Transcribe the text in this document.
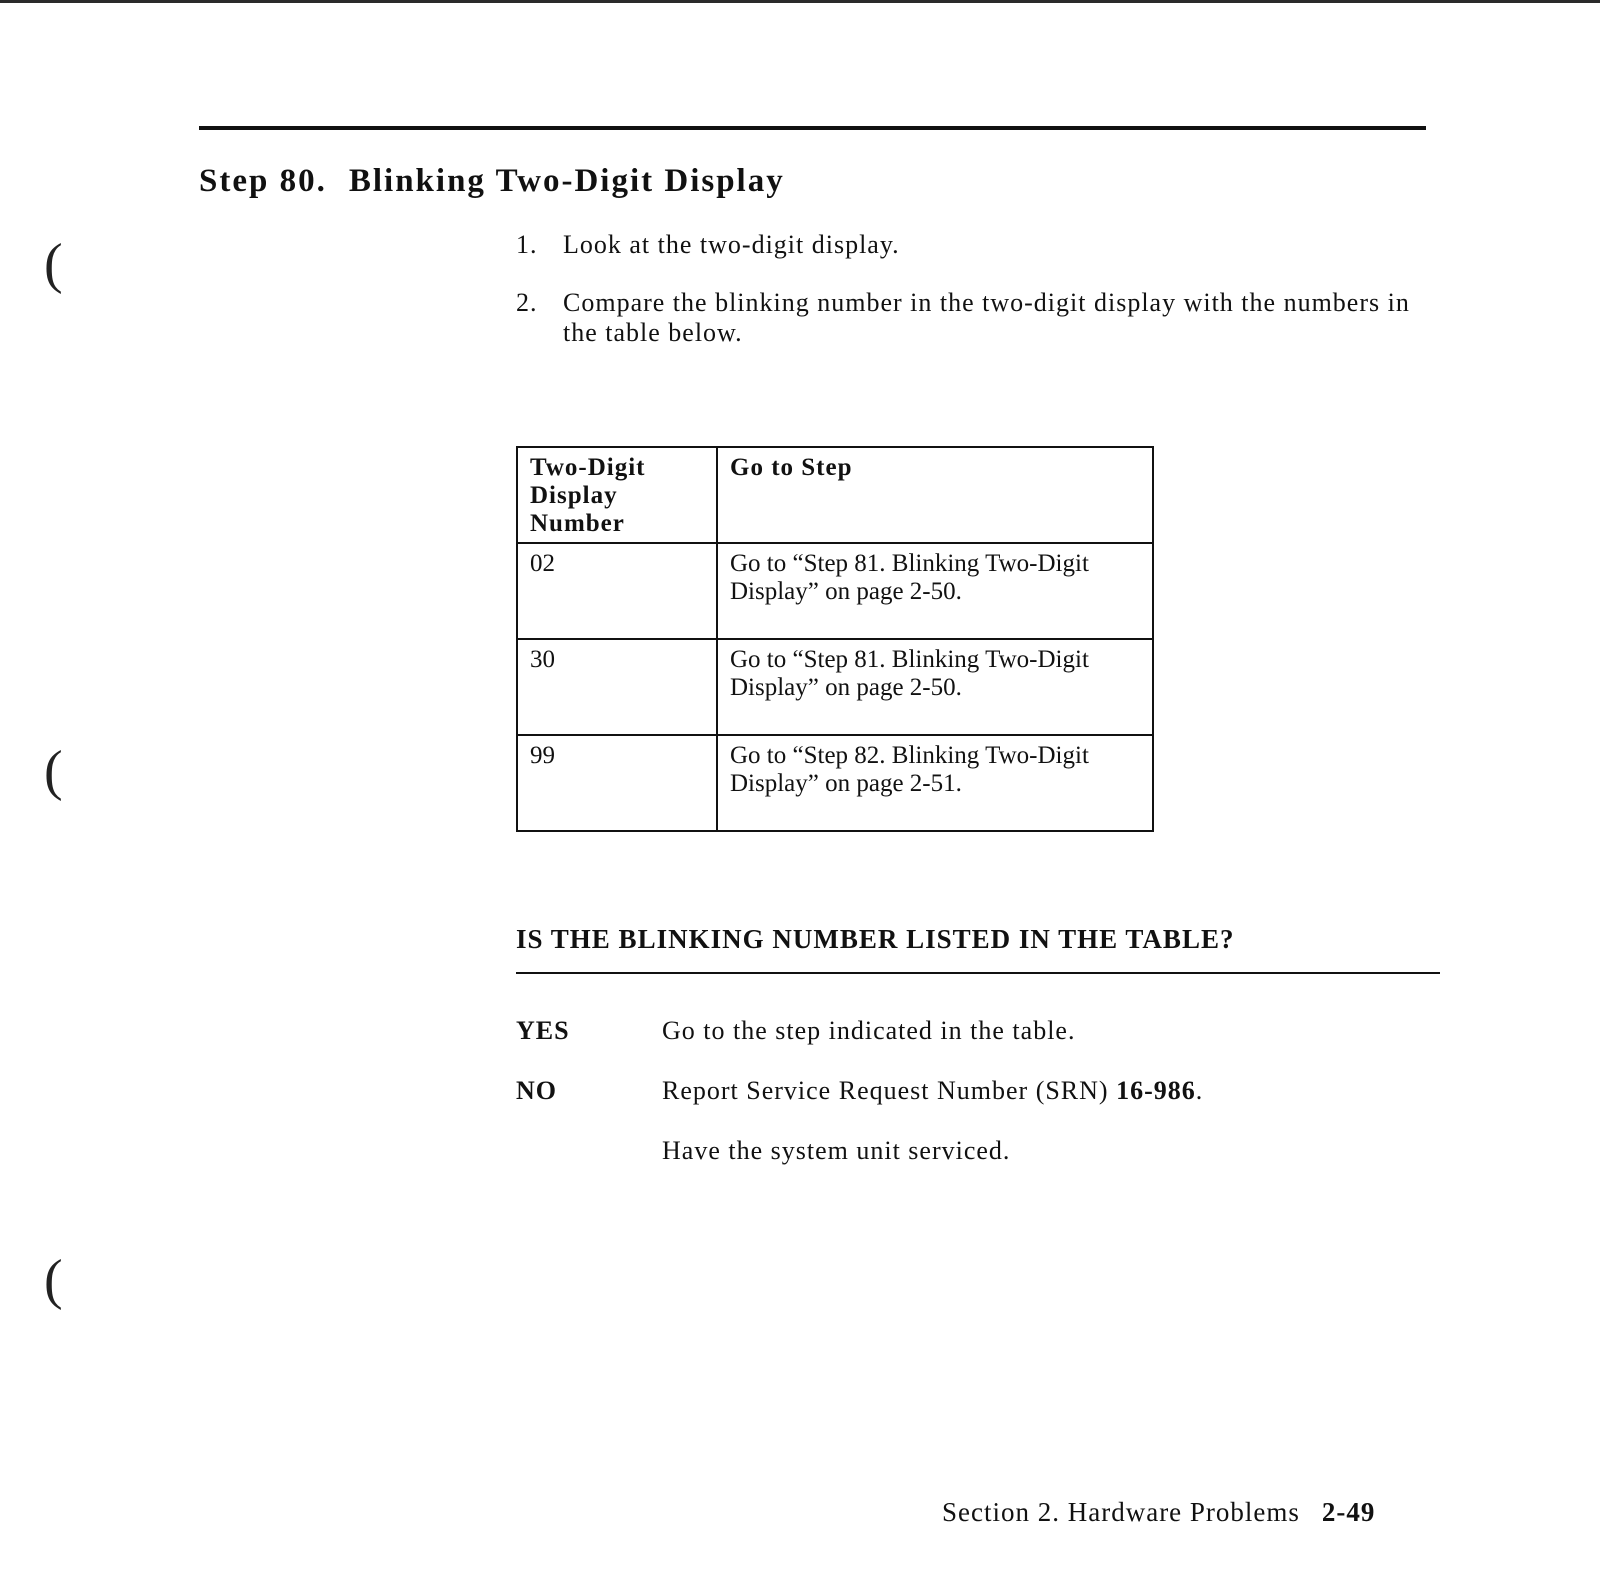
Step 80. Blinking Two-Digit Display
(
(
(
1. Look at the two-digit display.
2. Compare the blinking number in the two-digit display with the numbers in the table below.
Two-Digit Display Number	Go to Step
02	Go to “Step 81. Blinking Two-Digit Display” on page 2-50.
30	Go to “Step 81. Blinking Two-Digit Display” on page 2-50.
99	Go to “Step 82. Blinking Two-Digit Display” on page 2-51.
IS THE BLINKING NUMBER LISTED IN THE TABLE?
YES	Go to the step indicated in the table.
NO	Report Service Request Number (SRN) 16-986.
Have the system unit serviced.
Section 2. Hardware Problems 2-49
